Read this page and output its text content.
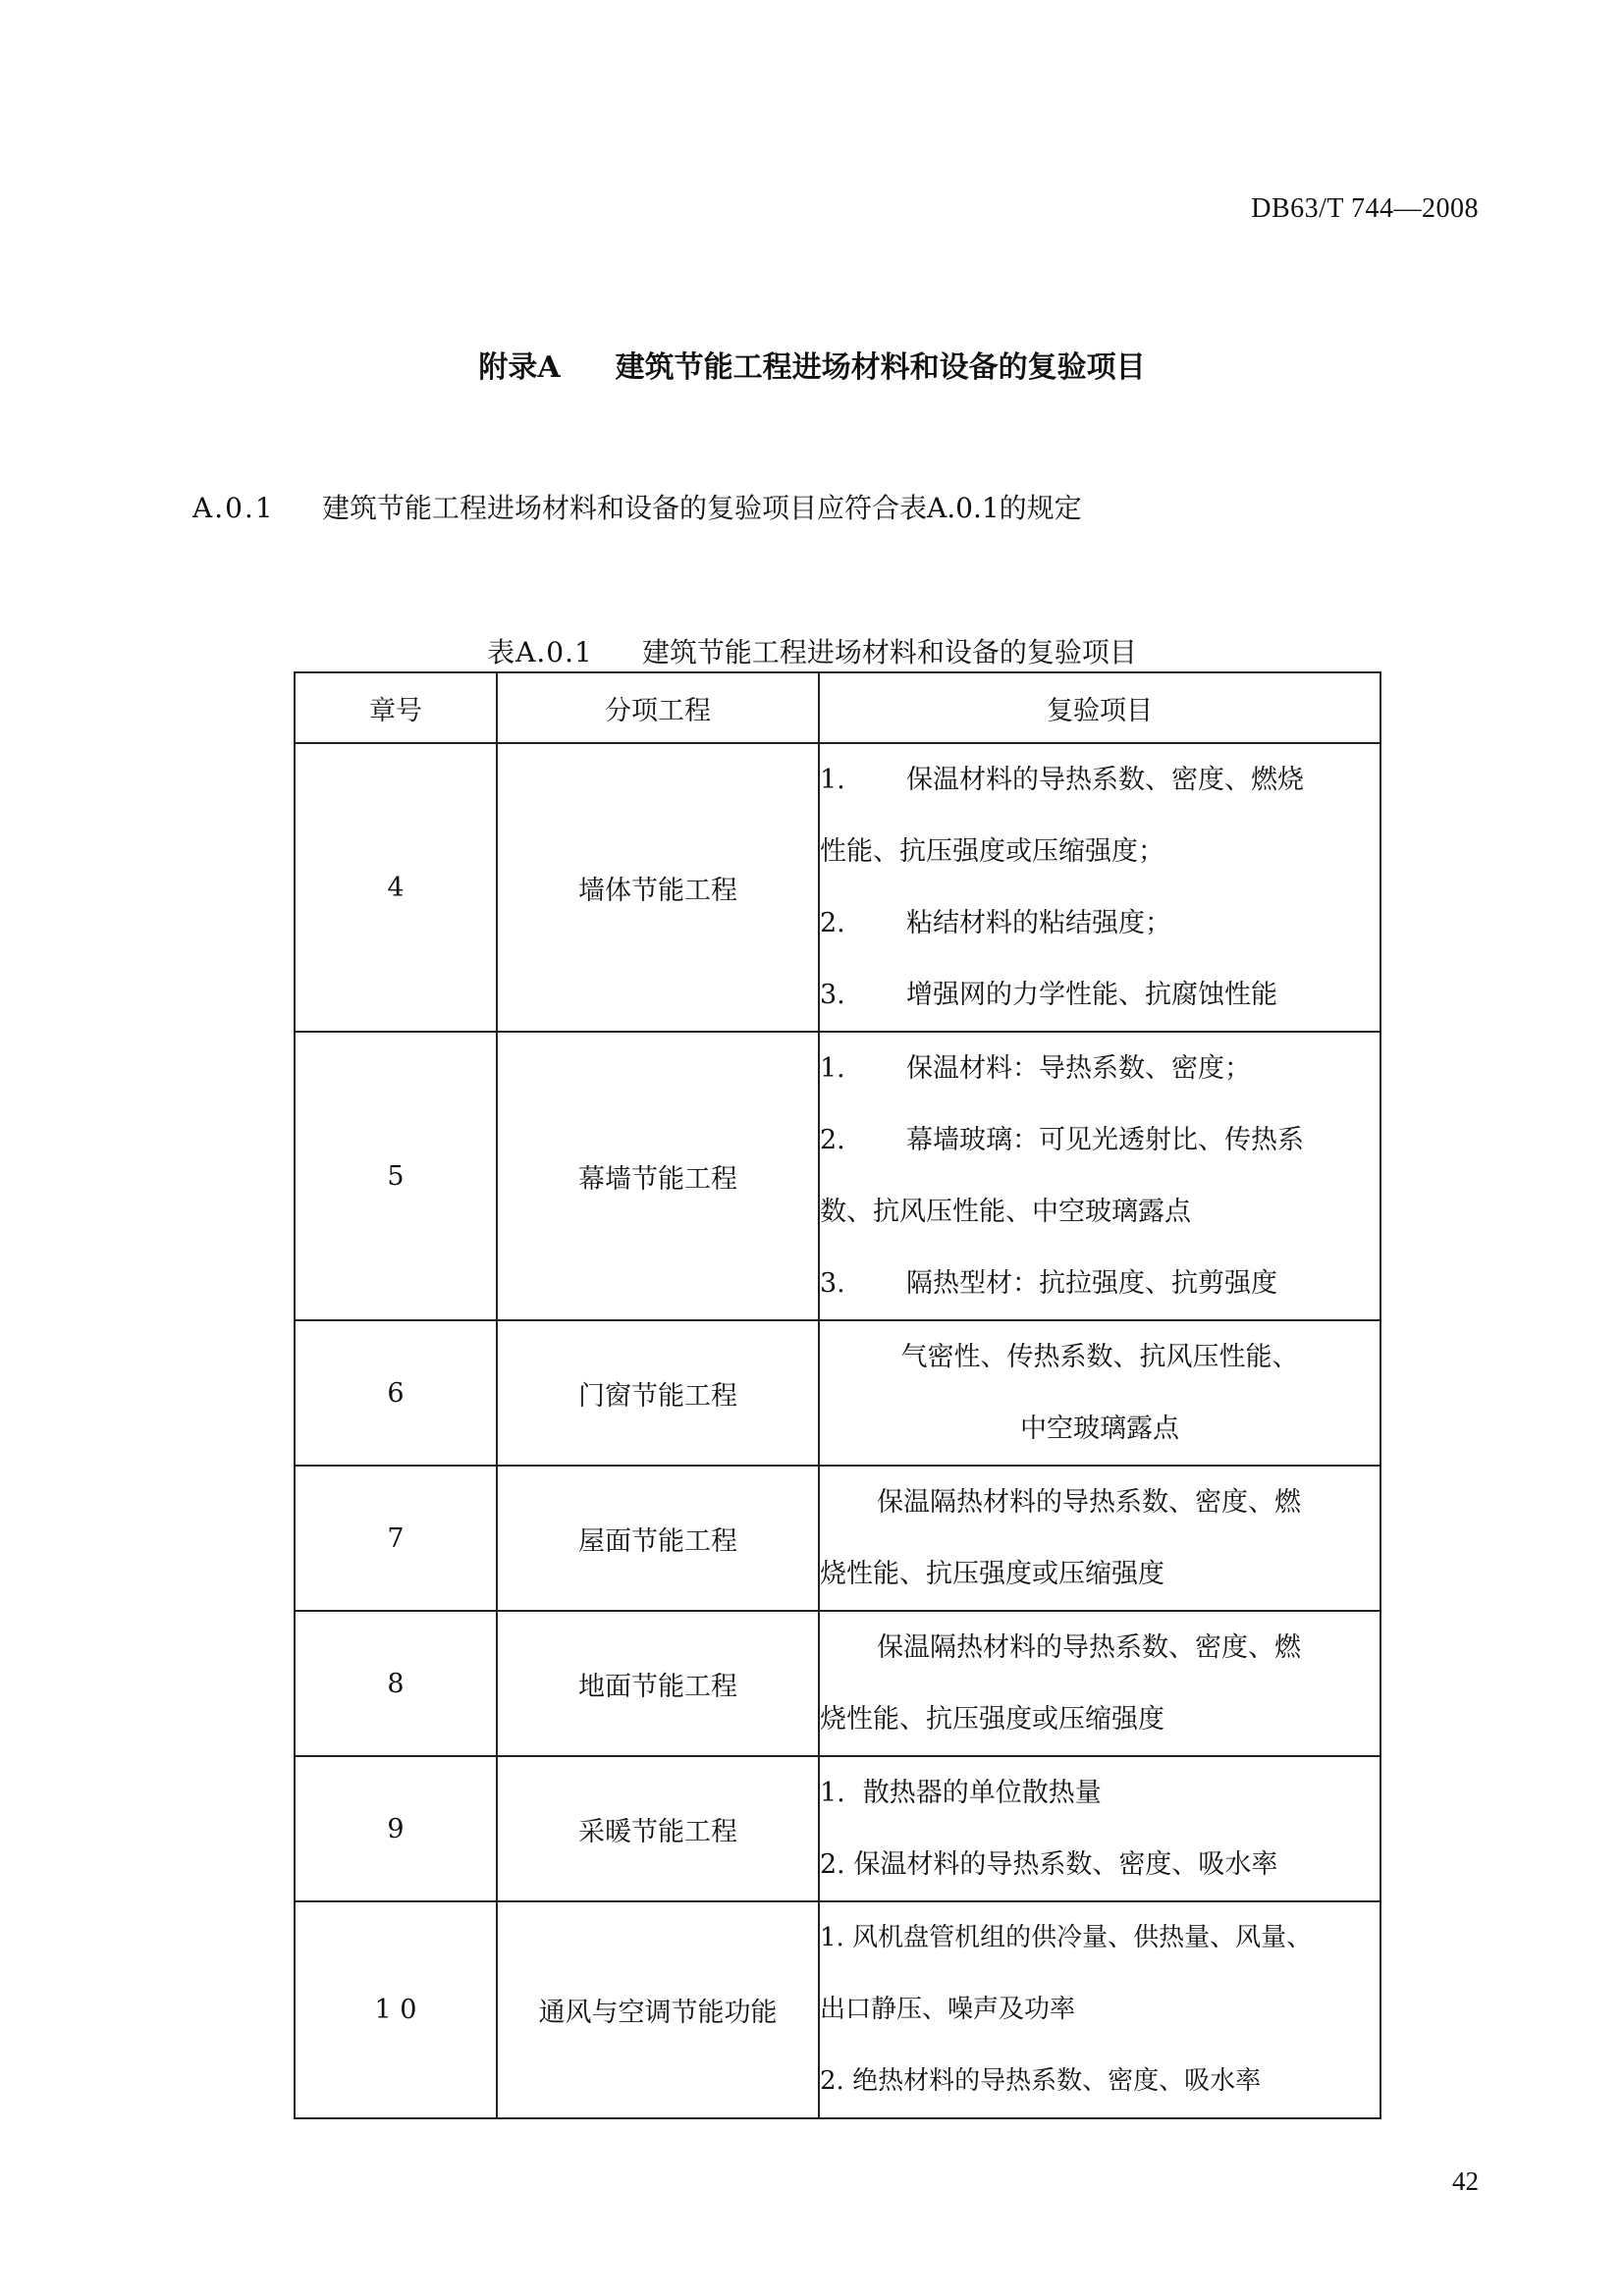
DB63/T 744—2008
附录A 建筑节能工程进场材料和设备的复验项目
A.0.1 建筑节能工程进场材料和设备的复验项目应符合表A.0.1的规定
表A.0.1 建筑节能工程进场材料和设备的复验项目
章号	分项工程	复验项目
4	墙体节能工程	1. 保温材料的导热系数、密度、燃烧
性能、抗压强度或压缩强度；
2. 粘结材料的粘结强度；
3. 增强网的力学性能、抗腐蚀性能

5	幕墙节能工程	1. 保温材料：导热系数、密度；
2. 幕墙玻璃：可见光透射比、传热系
数、抗风压性能、中空玻璃露点
3. 隔热型材：抗拉强度、抗剪强度

6	门窗节能工程	气密性、传热系数、抗风压性能、
中空玻璃露点

7	屋面节能工程	保温隔热材料的导热系数、密度、燃
烧性能、抗压强度或压缩强度

8	地面节能工程	保温隔热材料的导热系数、密度、燃
烧性能、抗压强度或压缩强度

9	采暖节能工程	1. 散热器的单位散热量
2. 保温材料的导热系数、密度、吸水率

1 0	通风与空调节能功能	1. 风机盘管机组的供冷量、供热量、风量、
出口静压、噪声及功率
2. 绝热材料的导热系数、密度、吸水率
42
